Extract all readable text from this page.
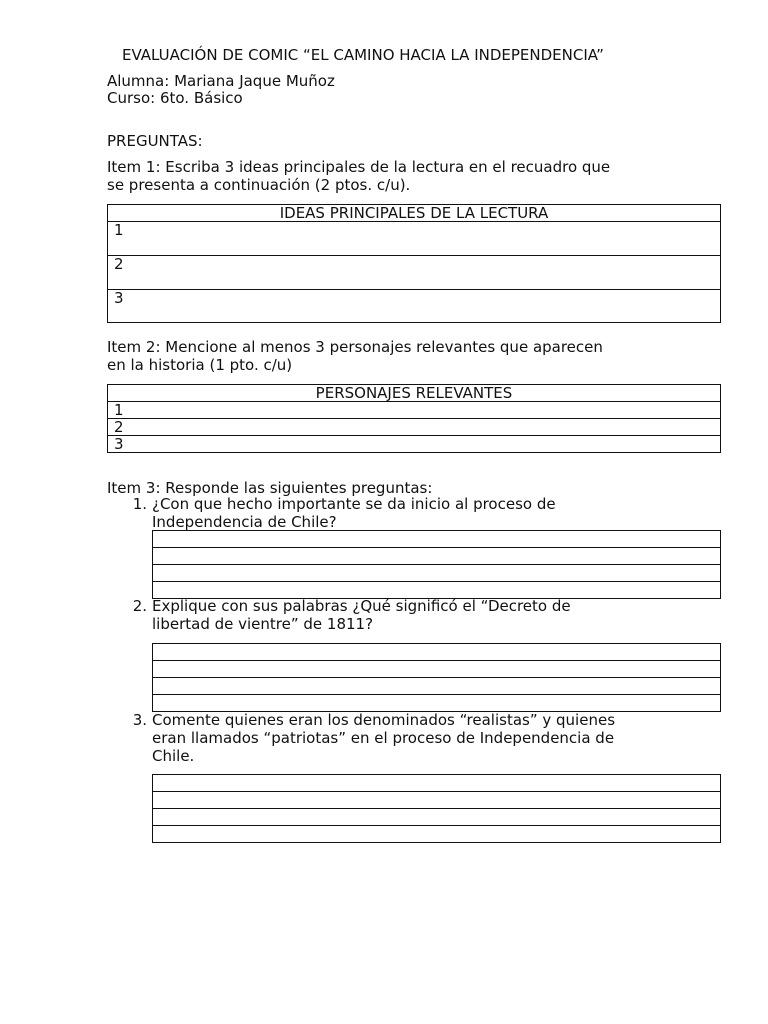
EVALUACIÓN DE COMIC “EL CAMINO HACIA LA INDEPENDENCIA”
Alumna: Mariana Jaque Muñoz
Curso: 6to. Básico
PREGUNTAS:
Item 1: Escriba 3 ideas principales de la lectura en el recuadro que
se presenta a continuación (2 ptos. c/u).
IDEAS PRINCIPALES DE LA LECTURA
1
2
3
Item 2: Mencione al menos 3 personajes relevantes que aparecen
en la historia (1 pto. c/u)
PERSONAJES RELEVANTES
1
2
3
Item 3: Responde las siguientes preguntas:
1. ¿Con que hecho importante se da inicio al proceso de
Independencia de Chile?

2. Explique con sus palabras ¿Qué significó el “Decreto de
libertad de vientre” de 1811?

3. Comente quienes eran los denominados “realistas” y quienes
eran llamados “patriotas” en el proceso de Independencia de
Chile.
